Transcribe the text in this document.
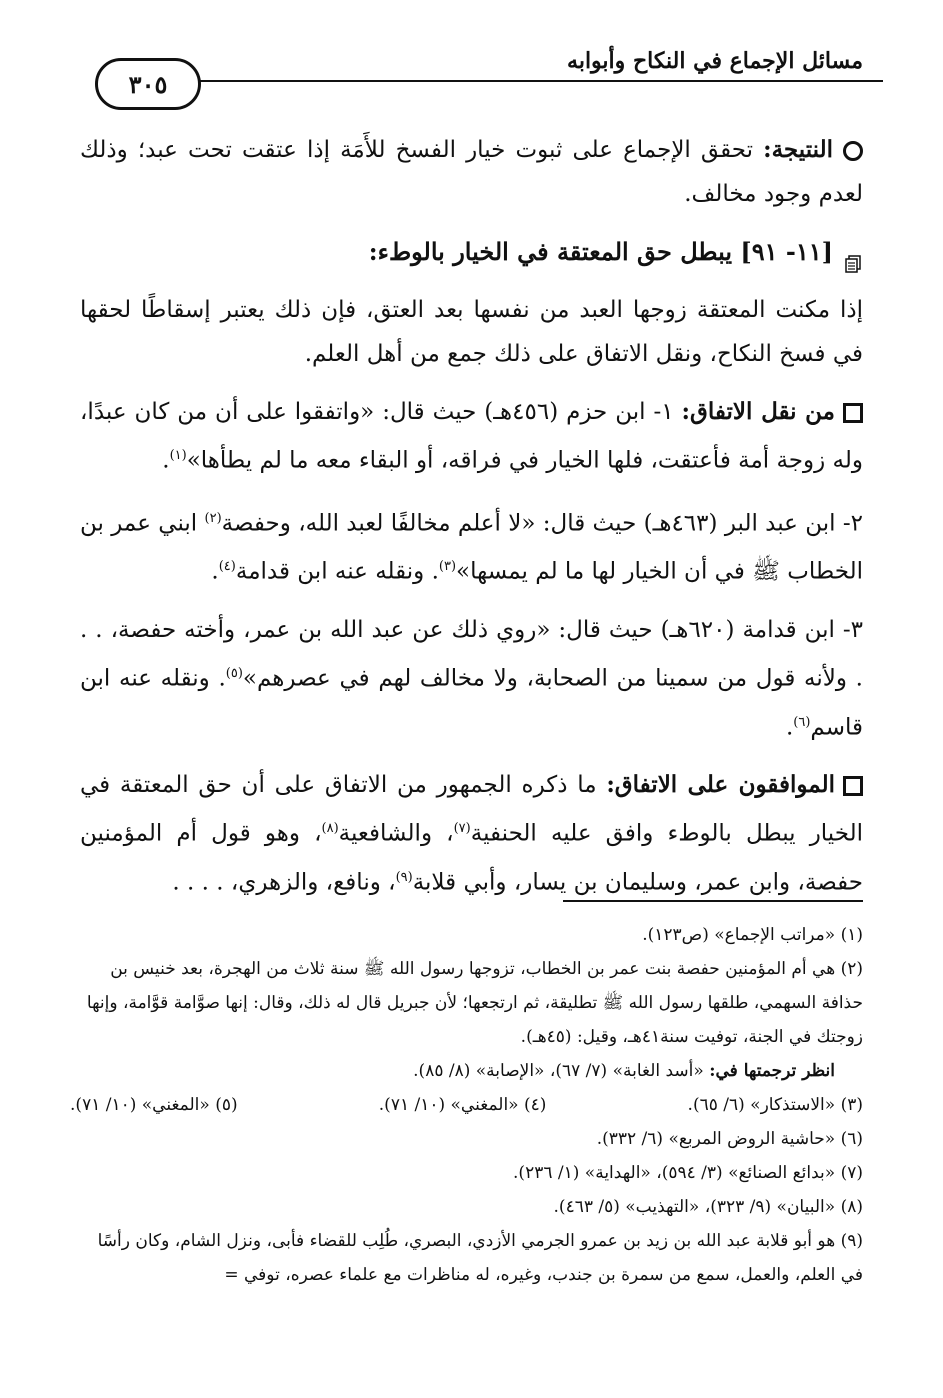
مسائل الإجماع في النكاح وأبوابه
٣٠٥

النتيجة: تحقق الإجماع على ثبوت خيار الفسخ للأَمَة إذا عتقت تحت عبد؛ وذلك لعدم وجود مخالف.

[١١- ٩١] يبطل حق المعتقة في الخيار بالوطء:

إذا مكنت المعتقة زوجها العبد من نفسها بعد العتق، فإن ذلك يعتبر إسقاطًا لحقها في فسخ النكاح، ونقل الاتفاق على ذلك جمع من أهل العلم.

من نقل الاتفاق: ١- ابن حزم (٤٥٦هـ) حيث قال: «واتفقوا على أن من كان عبدًا، وله زوجة أمة فأعتقت، فلها الخيار في فراقه، أو البقاء معه ما لم يطأها»$^{(١)}$.

٢- ابن عبد البر (٤٦٣هـ) حيث قال: «لا أعلم مخالفًا لعبد الله، وحفصة$^{(٢)}$ ابني عمر بن الخطاب ﷺ في أن الخيار لها ما لم يمسها»$^{(٣)}$. ونقله عنه ابن قدامة$^{(٤)}$.

٣- ابن قدامة (٦٢٠هـ) حيث قال: «روي ذلك عن عبد الله بن عمر، وأخته حفصة، . . . ولأنه قول من سمينا من الصحابة، ولا مخالف لهم في عصرهم»$^{(٥)}$. ونقله عنه ابن قاسم$^{(٦)}$.

الموافقون على الاتفاق: ما ذكره الجمهور من الاتفاق على أن حق المعتقة في الخيار يبطل بالوطء وافق عليه الحنفية$^{(٧)}$، والشافعية$^{(٨)}$، وهو قول أم المؤمنين حفصة، وابن عمر، وسليمان بن يسار، وأبي قلابة$^{(٩)}$، ونافع، والزهري، . . . .

(١) «مراتب الإجماع» (ص١٢٣).

(٢) هي أم المؤمنين حفصة بنت عمر بن الخطاب، تزوجها رسول الله ﷺ سنة ثلاث من الهجرة، بعد خنيس بن حذافة السهمي، طلقها رسول الله ﷺ تطليقة، ثم ارتجعها؛ لأن جبريل قال له ذلك، وقال: إنها صوَّامة قوَّامة، وإنها زوجتك في الجنة، توفيت سنة٤١هـ، وقيل: (٤٥هـ).

انظر ترجمتها في: «أسد الغابة» (٧/ ٦٧)، «الإصابة» (٨/ ٨٥).

(٣) «الاستذكار» (٦/ ٦٥).
(٤) «المغني» (١٠/ ٧١).
(٥) «المغني» (١٠/ ٧١).

(٦) «حاشية الروض المربع» (٦/ ٣٣٢).

(٧) «بدائع الصنائع» (٣/ ٥٩٤)، «الهداية» (١/ ٢٣٦).

(٨) «البيان» (٩/ ٣٢٣)، «التهذيب» (٥/ ٤٦٣).

(٩) هو أبو قلابة عبد الله بن زيد بن عمرو الجرمي الأزدي، البصري، طُلِب للقضاء فأبى، ونزل الشام، وكان رأسًا في العلم، والعمل، سمع من سمرة بن جندب، وغيره، له مناظرات مع علماء عصره، توفي =
